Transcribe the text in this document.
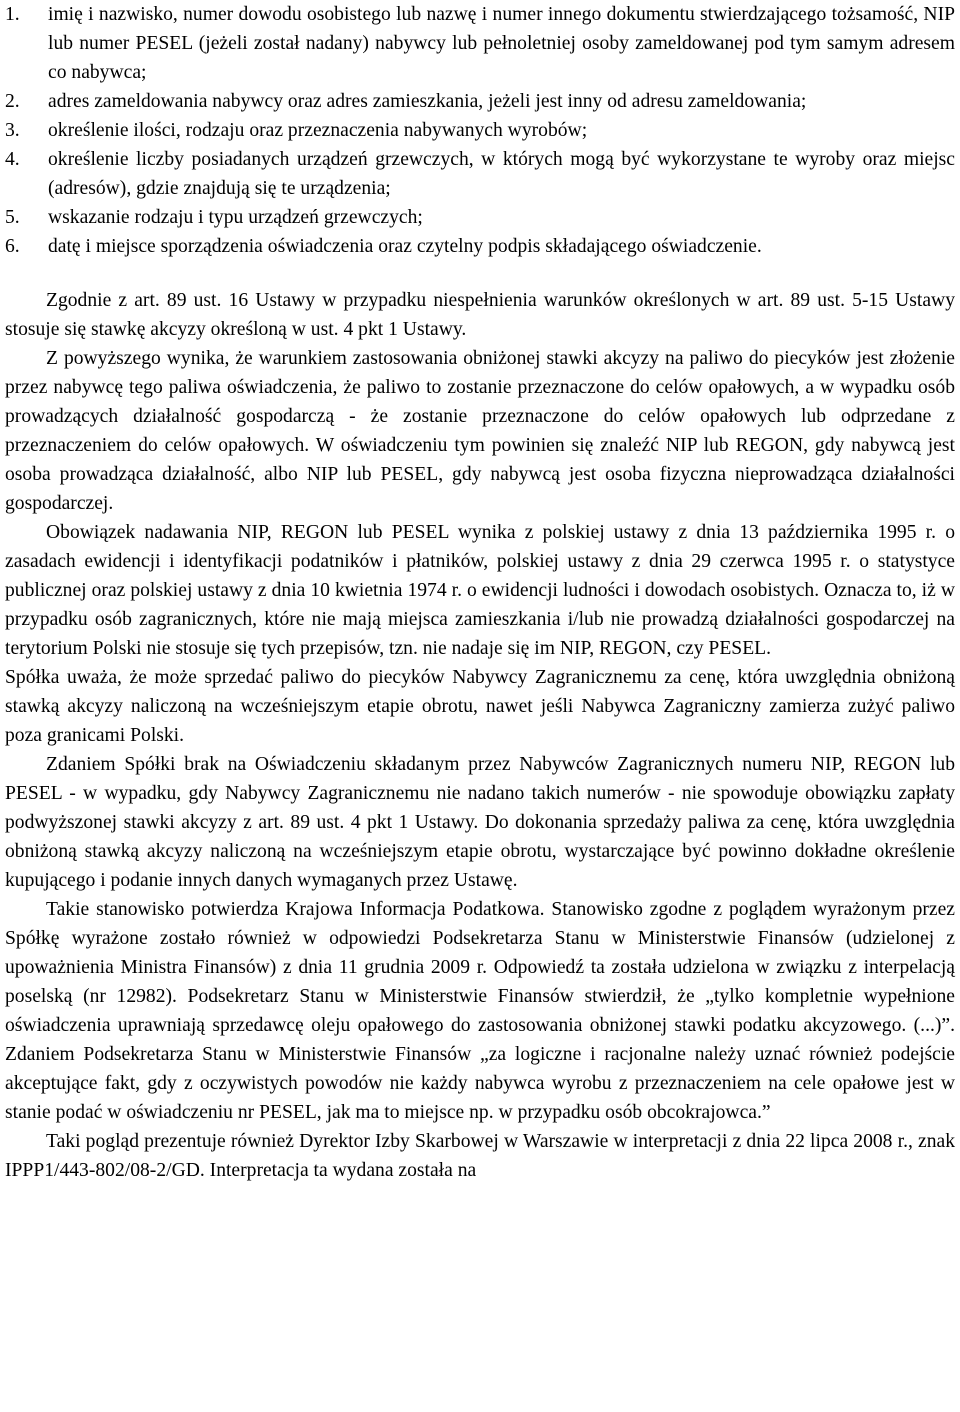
1.	imię i nazwisko, numer dowodu osobistego lub nazwę i numer innego dokumentu stwierdzającego tożsamość, NIP lub numer PESEL (jeżeli został nadany) nabywcy lub pełnoletniej osoby zameldowanej pod tym samym adresem co nabywca;
2.	adres zameldowania nabywcy oraz adres zamieszkania, jeżeli jest inny od adresu zameldowania;
3.	określenie ilości, rodzaju oraz przeznaczenia nabywanych wyrobów;
4.	określenie liczby posiadanych urządzeń grzewczych, w których mogą być wykorzystane te wyroby oraz miejsc (adresów), gdzie znajdują się te urządzenia;
5.	wskazanie rodzaju i typu urządzeń grzewczych;
6.	datę i miejsce sporządzenia oświadczenia oraz czytelny podpis składającego oświadczenie.

Zgodnie z art. 89 ust. 16 Ustawy w przypadku niespełnienia warunków określonych w art. 89 ust. 5-15 Ustawy stosuje się stawkę akcyzy określoną w ust. 4 pkt 1 Ustawy.

Z powyższego wynika, że warunkiem zastosowania obniżonej stawki akcyzy na paliwo do piecyków jest złożenie przez nabywcę tego paliwa oświadczenia, że paliwo to zostanie przeznaczone do celów opałowych, a w wypadku osób prowadzących działalność gospodarczą - że zostanie przeznaczone do celów opałowych lub odprzedane z przeznaczeniem do celów opałowych. W oświadczeniu tym powinien się znaleźć NIP lub REGON, gdy nabywcą jest osoba prowadząca działalność, albo NIP lub PESEL, gdy nabywcą jest osoba fizyczna nieprowadząca działalności gospodarczej.

Obowiązek nadawania NIP, REGON lub PESEL wynika z polskiej ustawy z dnia 13 października 1995 r. o zasadach ewidencji i identyfikacji podatników i płatników, polskiej ustawy z dnia 29 czerwca 1995 r. o statystyce publicznej oraz polskiej ustawy z dnia 10 kwietnia 1974 r. o ewidencji ludności i dowodach osobistych. Oznacza to, iż w przypadku osób zagranicznych, które nie mają miejsca zamieszkania i/lub nie prowadzą działalności gospodarczej na terytorium Polski nie stosuje się tych przepisów, tzn. nie nadaje się im NIP, REGON, czy PESEL.

Spółka uważa, że może sprzedać paliwo do piecyków Nabywcy Zagranicznemu za cenę, która uwzględnia obniżoną stawką akcyzy naliczoną na wcześniejszym etapie obrotu, nawet jeśli Nabywca Zagraniczny zamierza zużyć paliwo poza granicami Polski.

Zdaniem Spółki brak na Oświadczeniu składanym przez Nabywców Zagranicznych numeru NIP, REGON lub PESEL - w wypadku, gdy Nabywcy Zagranicznemu nie nadano takich numerów - nie spowoduje obowiązku zapłaty podwyższonej stawki akcyzy z art. 89 ust. 4 pkt 1 Ustawy. Do dokonania sprzedaży paliwa za cenę, która uwzględnia obniżoną stawką akcyzy naliczoną na wcześniejszym etapie obrotu, wystarczające być powinno dokładne określenie kupującego i podanie innych danych wymaganych przez Ustawę.

Takie stanowisko potwierdza Krajowa Informacja Podatkowa. Stanowisko zgodne z poglądem wyrażonym przez Spółkę wyrażone zostało również w odpowiedzi Podsekretarza Stanu w Ministerstwie Finansów (udzielonej z upoważnienia Ministra Finansów) z dnia 11 grudnia 2009 r. Odpowiedź ta została udzielona w związku z interpelacją poselską (nr 12982). Podsekretarz Stanu w Ministerstwie Finansów stwierdził, że „tylko kompletnie wypełnione oświadczenia uprawniają sprzedawcę oleju opałowego do zastosowania obniżonej stawki podatku akcyzowego. (...)”. Zdaniem Podsekretarza Stanu w Ministerstwie Finansów „za logiczne i racjonalne należy uznać również podejście akceptujące fakt, gdy z oczywistych powodów nie każdy nabywca wyrobu z przeznaczeniem na cele opałowe jest w stanie podać w oświadczeniu nr PESEL, jak ma to miejsce np. w przypadku osób obcokrajowca.”

Taki pogląd prezentuje również Dyrektor Izby Skarbowej w Warszawie w interpretacji z dnia 22 lipca 2008 r., znak IPPP1/443-802/08-2/GD. Interpretacja ta wydana została na
